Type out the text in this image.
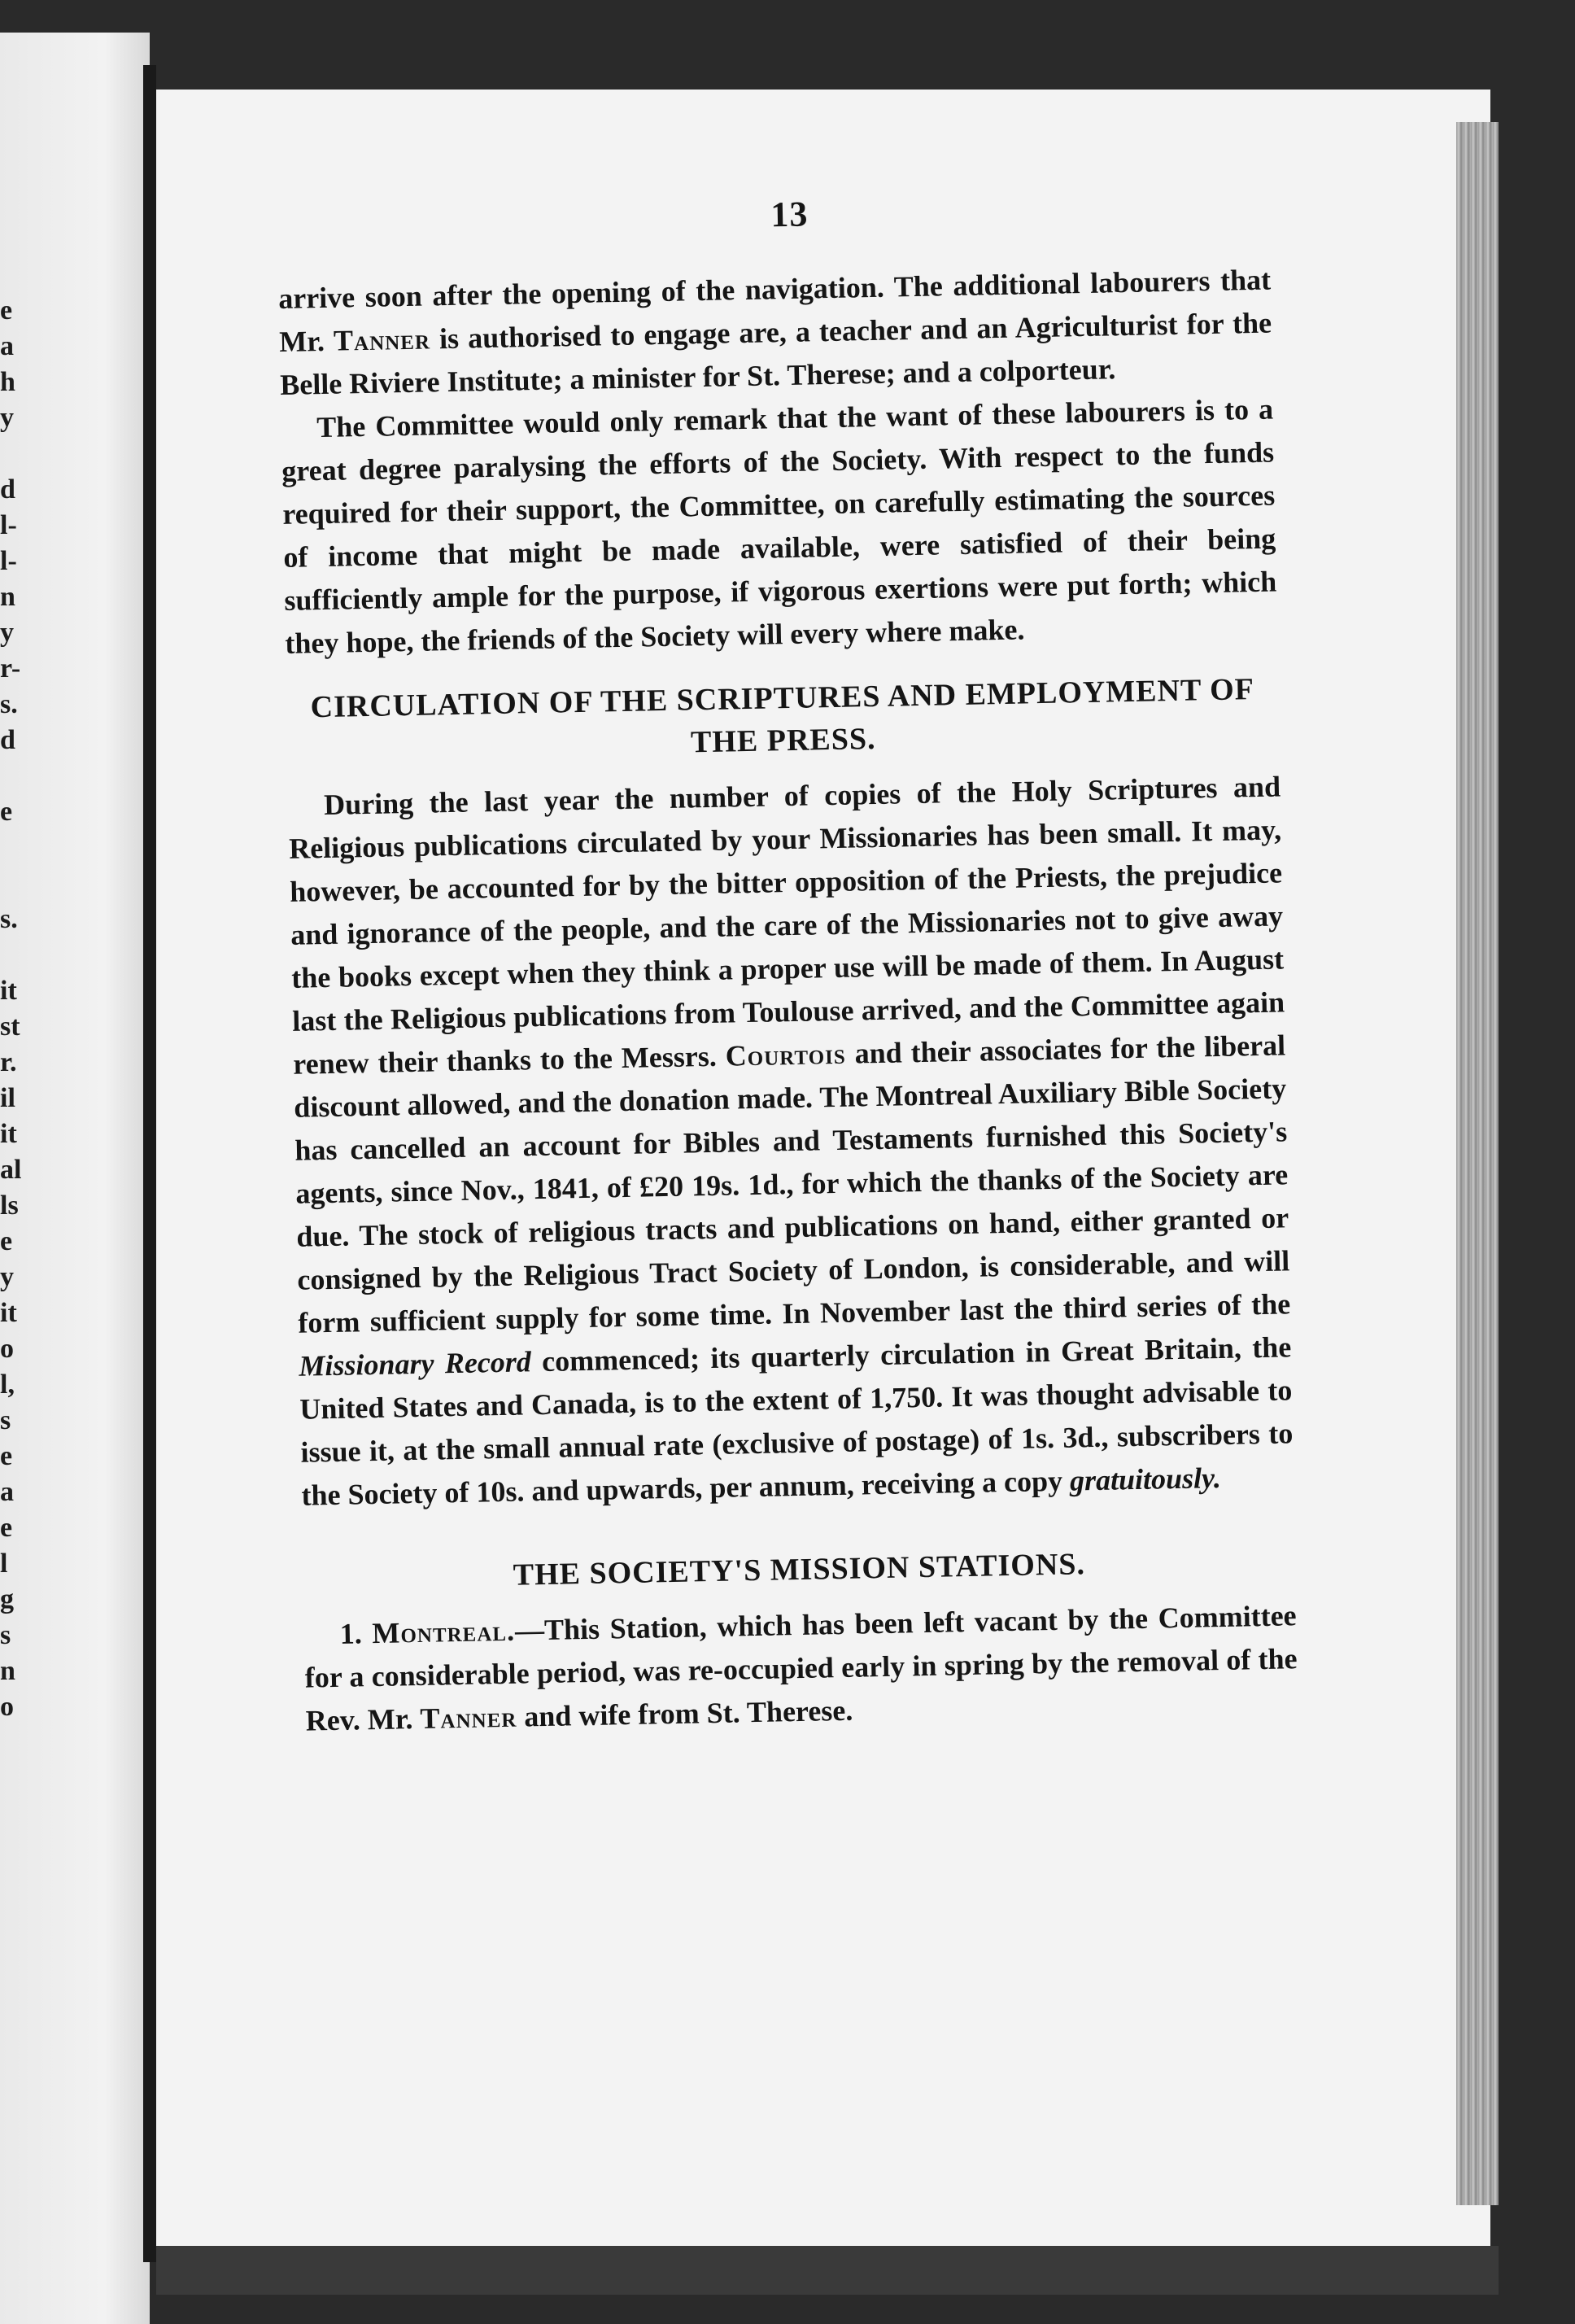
e
a
h
y
d
l-
l-
n
y
r-
s.
d
e
s.
it
st
r.
il
it
al
ls
e
y
it
o
l,
s
e
a
e
l
g
s
n
o
13

arrive soon after the opening of the navigation. The additional labourers that Mr. Tanner is authorised to engage are, a teacher and an Agriculturist for the Belle Riviere Institute; a minister for St. Therese; and a colporteur.

The Committee would only remark that the want of these labourers is to a great degree paralysing the efforts of the Society. With respect to the funds required for their support, the Committee, on carefully estimating the sources of income that might be made available, were satisfied of their being sufficiently ample for the purpose, if vigorous exertions were put forth; which they hope, the friends of the Society will every where make.

CIRCULATION OF THE SCRIPTURES AND EMPLOYMENT OF THE PRESS.

During the last year the number of copies of the Holy Scriptures and Religious publications circulated by your Missionaries has been small. It may, however, be accounted for by the bitter opposition of the Priests, the prejudice and ignorance of the people, and the care of the Missionaries not to give away the books except when they think a proper use will be made of them. In August last the Religious publications from Toulouse arrived, and the Committee again renew their thanks to the Messrs. Courtois and their associates for the liberal discount allowed, and the donation made. The Montreal Auxiliary Bible Society has cancelled an account for Bibles and Testaments furnished this Society's agents, since Nov., 1841, of £20 19s. 1d., for which the thanks of the Society are due. The stock of religious tracts and publications on hand, either granted or consigned by the Religious Tract Society of London, is considerable, and will form sufficient supply for some time. In November last the third series of the Missionary Record commenced; its quarterly circulation in Great Britain, the United States and Canada, is to the extent of 1,750. It was thought advisable to issue it, at the small annual rate (exclusive of postage) of 1s. 3d., subscribers to the Society of 10s. and upwards, per annum, receiving a copy gratuitously.

THE SOCIETY'S MISSION STATIONS.

1. Montreal.—This Station, which has been left vacant by the Committee for a considerable period, was re-occupied early in spring by the removal of the Rev. Mr. Tanner and wife from St. Therese.
